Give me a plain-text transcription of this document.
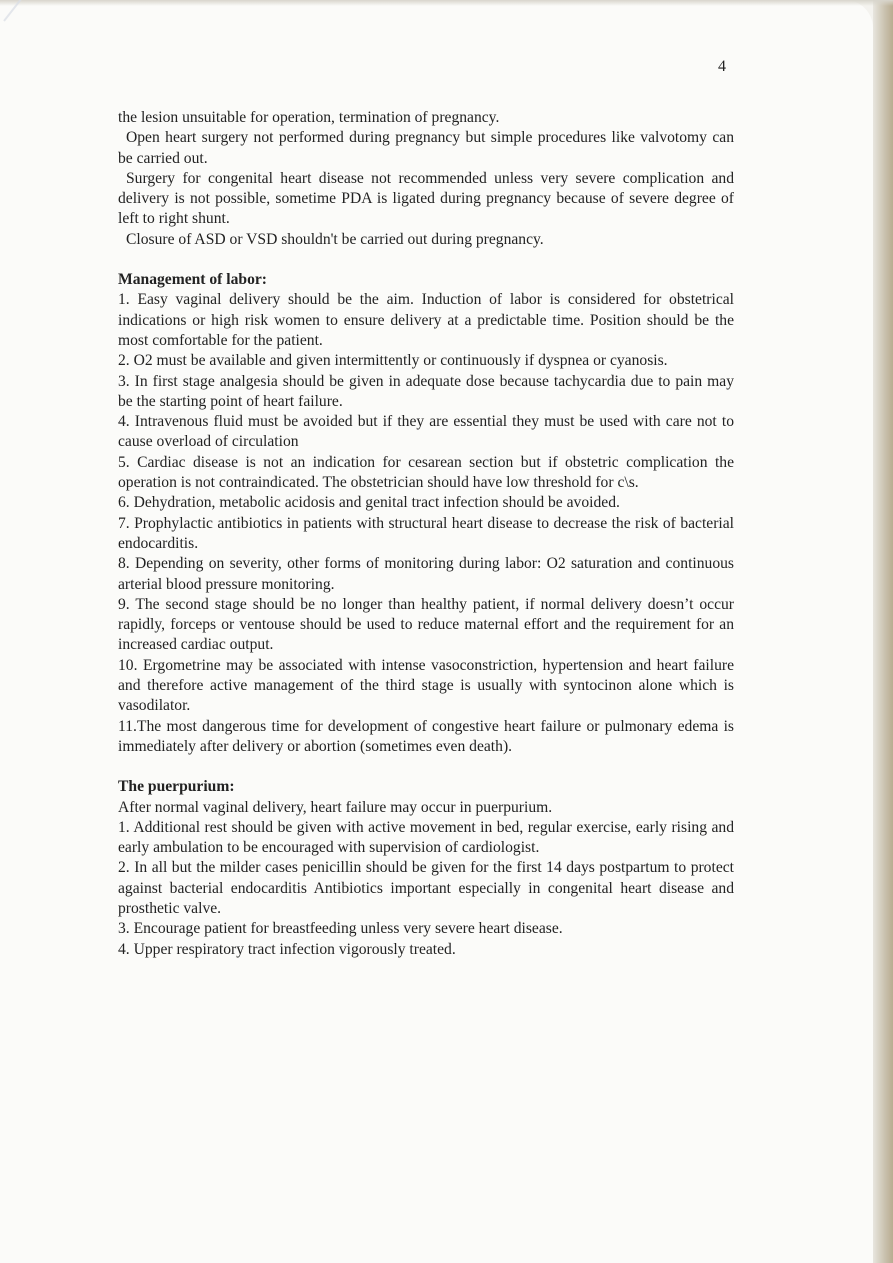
4

the lesion unsuitable for operation, termination of pregnancy.

Open heart surgery not performed during pregnancy but simple procedures like valvotomy can be carried out.

Surgery for congenital heart disease not recommended unless very severe complication and delivery is not possible, sometime PDA is ligated during pregnancy because of severe degree of left to right shunt.

Closure of ASD or VSD shouldn't be carried out during pregnancy.

Management of labor:

1. Easy vaginal delivery should be the aim. Induction of labor is considered for obstetrical indications or high risk women to ensure delivery at a predictable time. Position should be the most comfortable for the patient.

2. O2 must be available and given intermittently or continuously if dyspnea or cyanosis.

3. In first stage analgesia should be given in adequate dose because tachycardia due to pain may be the starting point of heart failure.

4. Intravenous fluid must be avoided but if they are essential they must be used with care not to cause overload of circulation

5. Cardiac disease is not an indication for cesarean section but if obstetric complication the operation is not contraindicated. The obstetrician should have low threshold for c\s.

6. Dehydration, metabolic acidosis and genital tract infection should be avoided.

7. Prophylactic antibiotics in patients with structural heart disease to decrease the risk of bacterial endocarditis.

8. Depending on severity, other forms of monitoring during labor: O2 saturation and continuous arterial blood pressure monitoring.

9. The second stage should be no longer than healthy patient, if normal delivery doesn’t occur rapidly, forceps or ventouse should be used to reduce maternal effort and the requirement for an increased cardiac output.

10. Ergometrine may be associated with intense vasoconstriction, hypertension and heart failure and therefore active management of the third stage is usually with syntocinon alone which is vasodilator.

11.The most dangerous time for development of congestive heart failure or pulmonary edema is immediately after delivery or abortion (sometimes even death).

The puerpurium:

After normal vaginal delivery, heart failure may occur in puerpurium.

1. Additional rest should be given with active movement in bed, regular exercise, early rising and early ambulation to be encouraged with supervision of cardiologist.

2. In all but the milder cases penicillin should be given for the first 14 days postpartum to protect against bacterial endocarditis Antibiotics important especially in congenital heart disease and prosthetic valve.

3. Encourage patient for breastfeeding unless very severe heart disease.

4. Upper respiratory tract infection vigorously treated.
